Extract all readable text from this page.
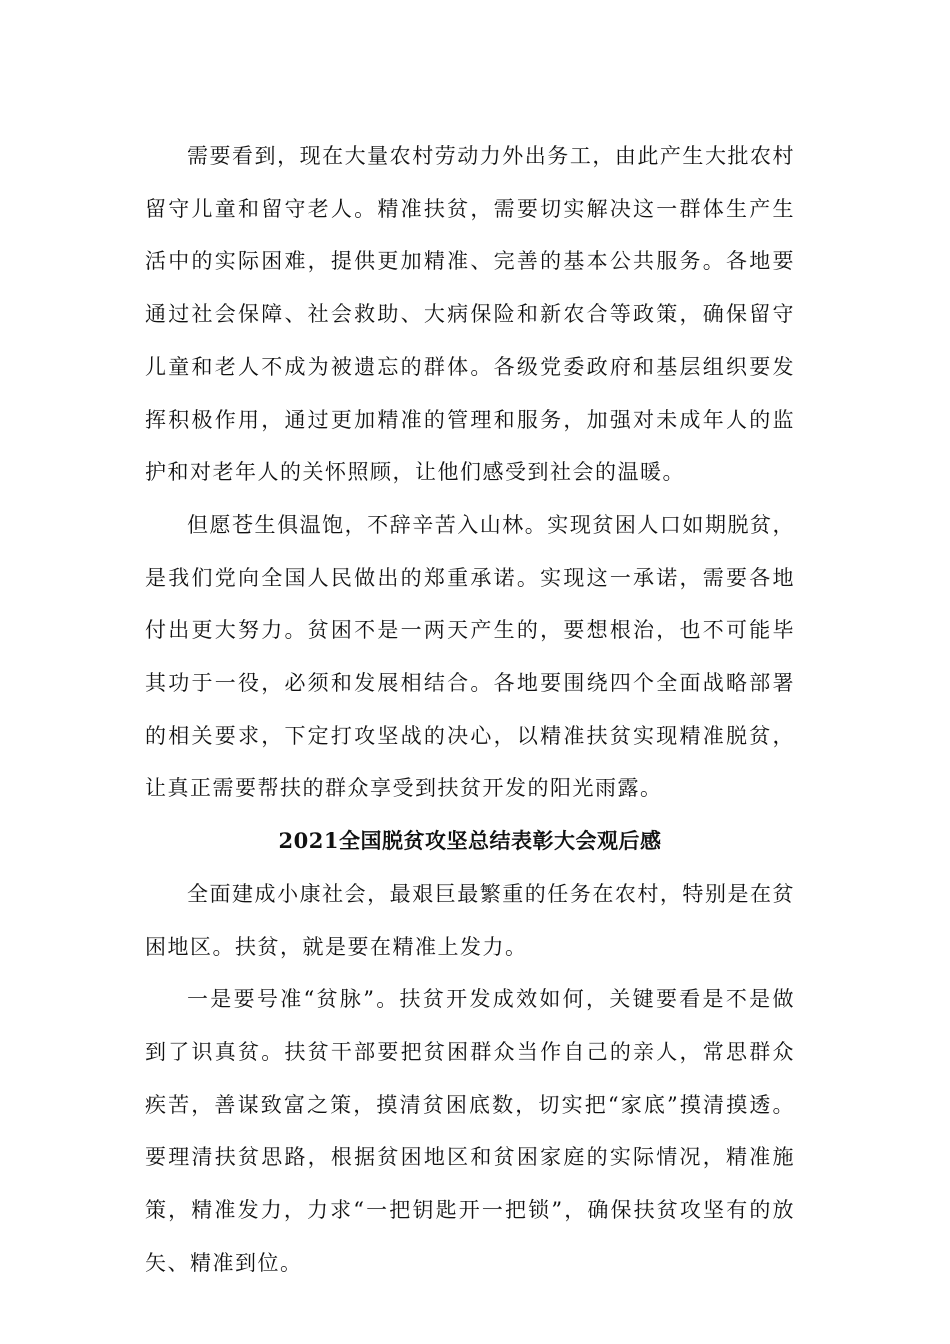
需要看到，现在大量农村劳动力外出务工，由此产生大批农村留守儿童和留守老人。精准扶贫，需要切实解决这一群体生产生活中的实际困难，提供更加精准、完善的基本公共服务。各地要通过社会保障、社会救助、大病保险和新农合等政策，确保留守儿童和老人不成为被遗忘的群体。各级党委政府和基层组织要发挥积极作用，通过更加精准的管理和服务，加强对未成年人的监护和对老年人的关怀照顾，让他们感受到社会的温暖。

但愿苍生俱温饱，不辞辛苦入山林。实现贫困人口如期脱贫，是我们党向全国人民做出的郑重承诺。实现这一承诺，需要各地付出更大努力。贫困不是一两天产生的，要想根治，也不可能毕其功于一役，必须和发展相结合。各地要围绕四个全面战略部署的相关要求，下定打攻坚战的决心，以精准扶贫实现精准脱贫，让真正需要帮扶的群众享受到扶贫开发的阳光雨露。

2021全国脱贫攻坚总结表彰大会观后感

全面建成小康社会，最艰巨最繁重的任务在农村，特别是在贫困地区。扶贫，就是要在精准上发力。

一是要号准“贫脉”。扶贫开发成效如何，关键要看是不是做到了识真贫。扶贫干部要把贫困群众当作自己的亲人，常思群众疾苦，善谋致富之策，摸清贫困底数，切实把“家底”摸清摸透。要理清扶贫思路，根据贫困地区和贫困家庭的实际情况，精准施策，精准发力，力求“一把钥匙开一把锁”，确保扶贫攻坚有的放矢、精准到位。
